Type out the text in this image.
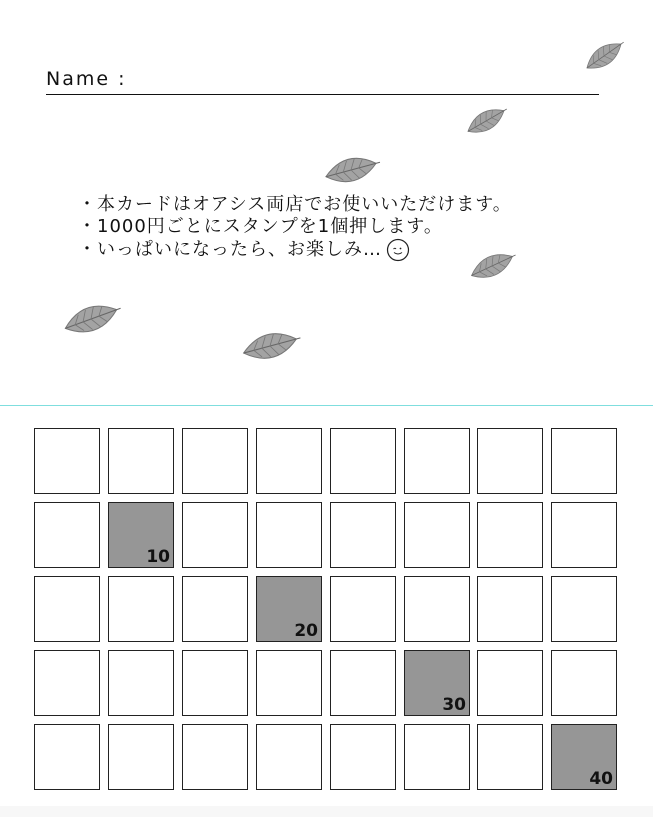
Name :
・本カードはオアシス両店でお使いいただけます。
・1000円ごとにスタンプを1個押します。
・いっぱいになったら、お楽しみ…
10
20
30
40
